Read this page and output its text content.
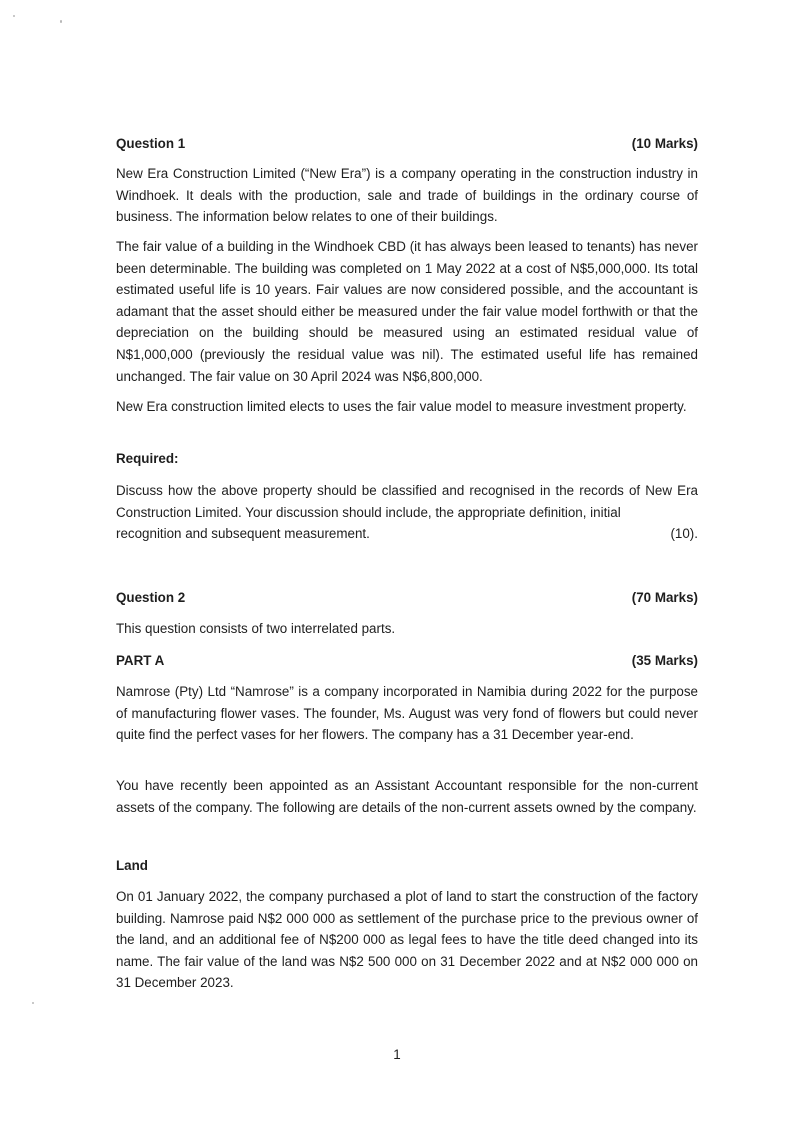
Question 1	(10 Marks)

New Era Construction Limited (“New Era”) is a company operating in the construction industry in Windhoek. It deals with the production, sale and trade of buildings in the ordinary course of business. The information below relates to one of their buildings.

The fair value of a building in the Windhoek CBD (it has always been leased to tenants) has never been determinable. The building was completed on 1 May 2022 at a cost of N$5,000,000. Its total estimated useful life is 10 years. Fair values are now considered possible, and the accountant is adamant that the asset should either be measured under the fair value model forthwith or that the depreciation on the building should be measured using an estimated residual value of N$1,000,000 (previously the residual value was nil). The estimated useful life has remained unchanged. The fair value on 30 April 2024 was N$6,800,000.

New Era construction limited elects to uses the fair value model to measure investment property.

Required:

Discuss how the above property should be classified and recognised in the records of New Era Construction Limited. Your discussion should include, the appropriate definition, initial

recognition and subsequent measurement.	(10).
Question 2	(70 Marks)
This question consists of two interrelated parts.
PART A	(35 Marks)

Namrose (Pty) Ltd “Namrose” is a company incorporated in Namibia during 2022 for the purpose of manufacturing flower vases. The founder, Ms. August was very fond of flowers but could never quite find the perfect vases for her flowers. The company has a 31 December year-end.

You have recently been appointed as an Assistant Accountant responsible for the non-current assets of the company. The following are details of the non-current assets owned by the company.

Land

On 01 January 2022, the company purchased a plot of land to start the construction of the factory building. Namrose paid N$2 000 000 as settlement of the purchase price to the previous owner of the land, and an additional fee of N$200 000 as legal fees to have the title deed changed into its name. The fair value of the land was N$2 500 000 on 31 December 2022 and at N$2 000 000 on 31 December 2023.

1
